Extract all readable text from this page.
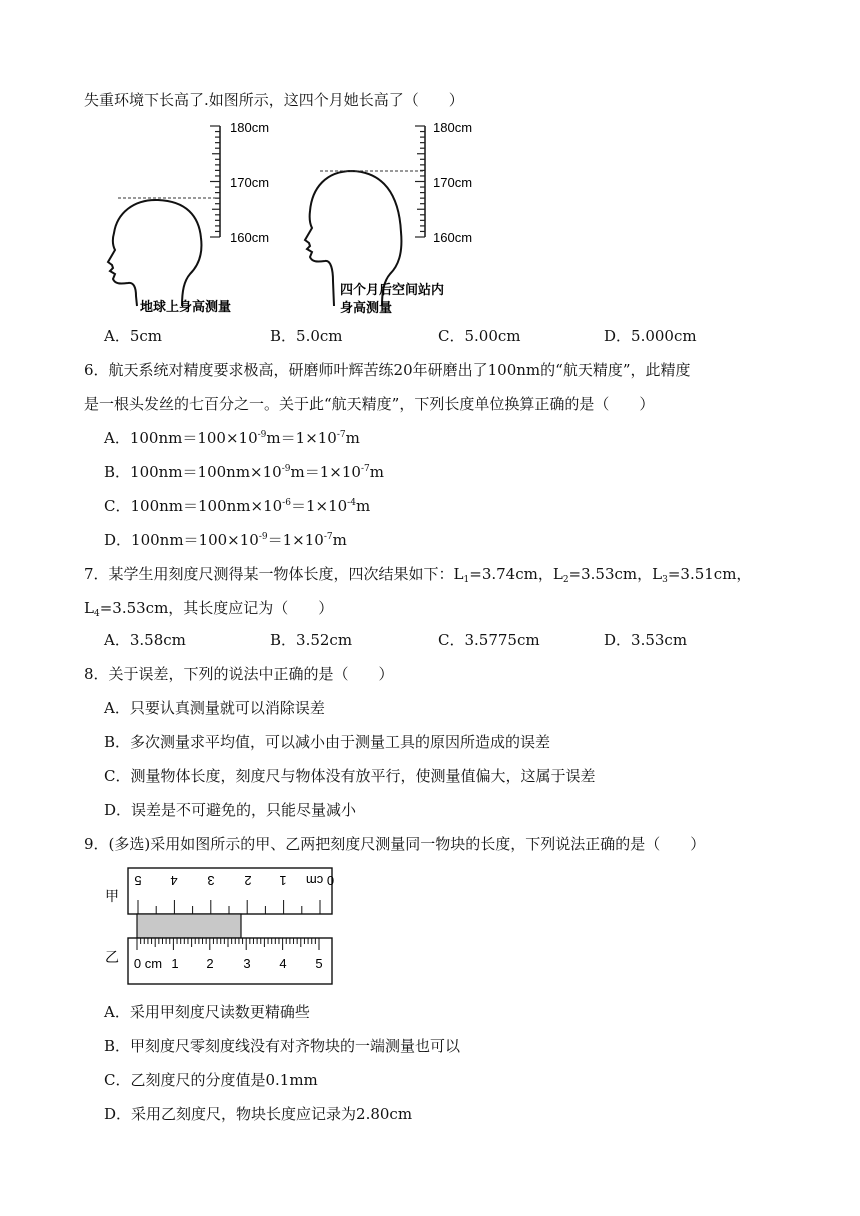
失重环境下长高了.如图所示，这四个月她长高了（　　）
180cm
170cm
160cm
180cm
170cm
160cm
地球上身高测量
四个月后空间站内
身高测量
A．5cm	B．5.0cm	C．5.00cm	D．5.000cm
6．航天系统对精度要求极高，研磨师叶辉苦练20年研磨出了100nm的“航天精度”，此精度
是一根头发丝的七百分之一。关于此“航天精度”，下列长度单位换算正确的是（　　）
A．$100nm=100\times 10^{-9}m=1\times 10^{-7}m$
B．$100nm=100nm\times 10^{-9}m=1\times 10^{-7}m$
C．$100nm=100nm\times 10^{-6}=1\times 10^{-4}m$
D．$100nm=100\times 10^{-9}=1\times 10^{-7}m$
7．某学生用刻度尺测得某一物体长度，四次结果如下：$L_1=3.74cm$，$L_2=3.53cm$，$L_3=3.51cm$，
$L_4=3.53cm$，其长度应记为（　　）
A．3.58cm	B．3.52cm	C．3.5775cm	D．3.53cm
8．关于误差，下列的说法中正确的是（　　）
A．只要认真测量就可以消除误差
B．多次测量求平均值，可以减小由于测量工具的原因所造成的误差
C．测量物体长度，刻度尺与物体没有放平行，使测量值偏大，这属于误差
D．误差是不可避免的，只能尽量减小
9．(多选)采用如图所示的甲、乙两把刻度尺测量同一物块的长度，下列说法正确的是（　　）
甲
乙
0 cm
1
2
3
4
5
0 cm 1 2 3 4 5
A．采用甲刻度尺读数更精确些
B．甲刻度尺零刻度线没有对齐物块的一端测量也可以
C．乙刻度尺的分度值是0.1mm
D．采用乙刻度尺，物块长度应记录为2.80cm
